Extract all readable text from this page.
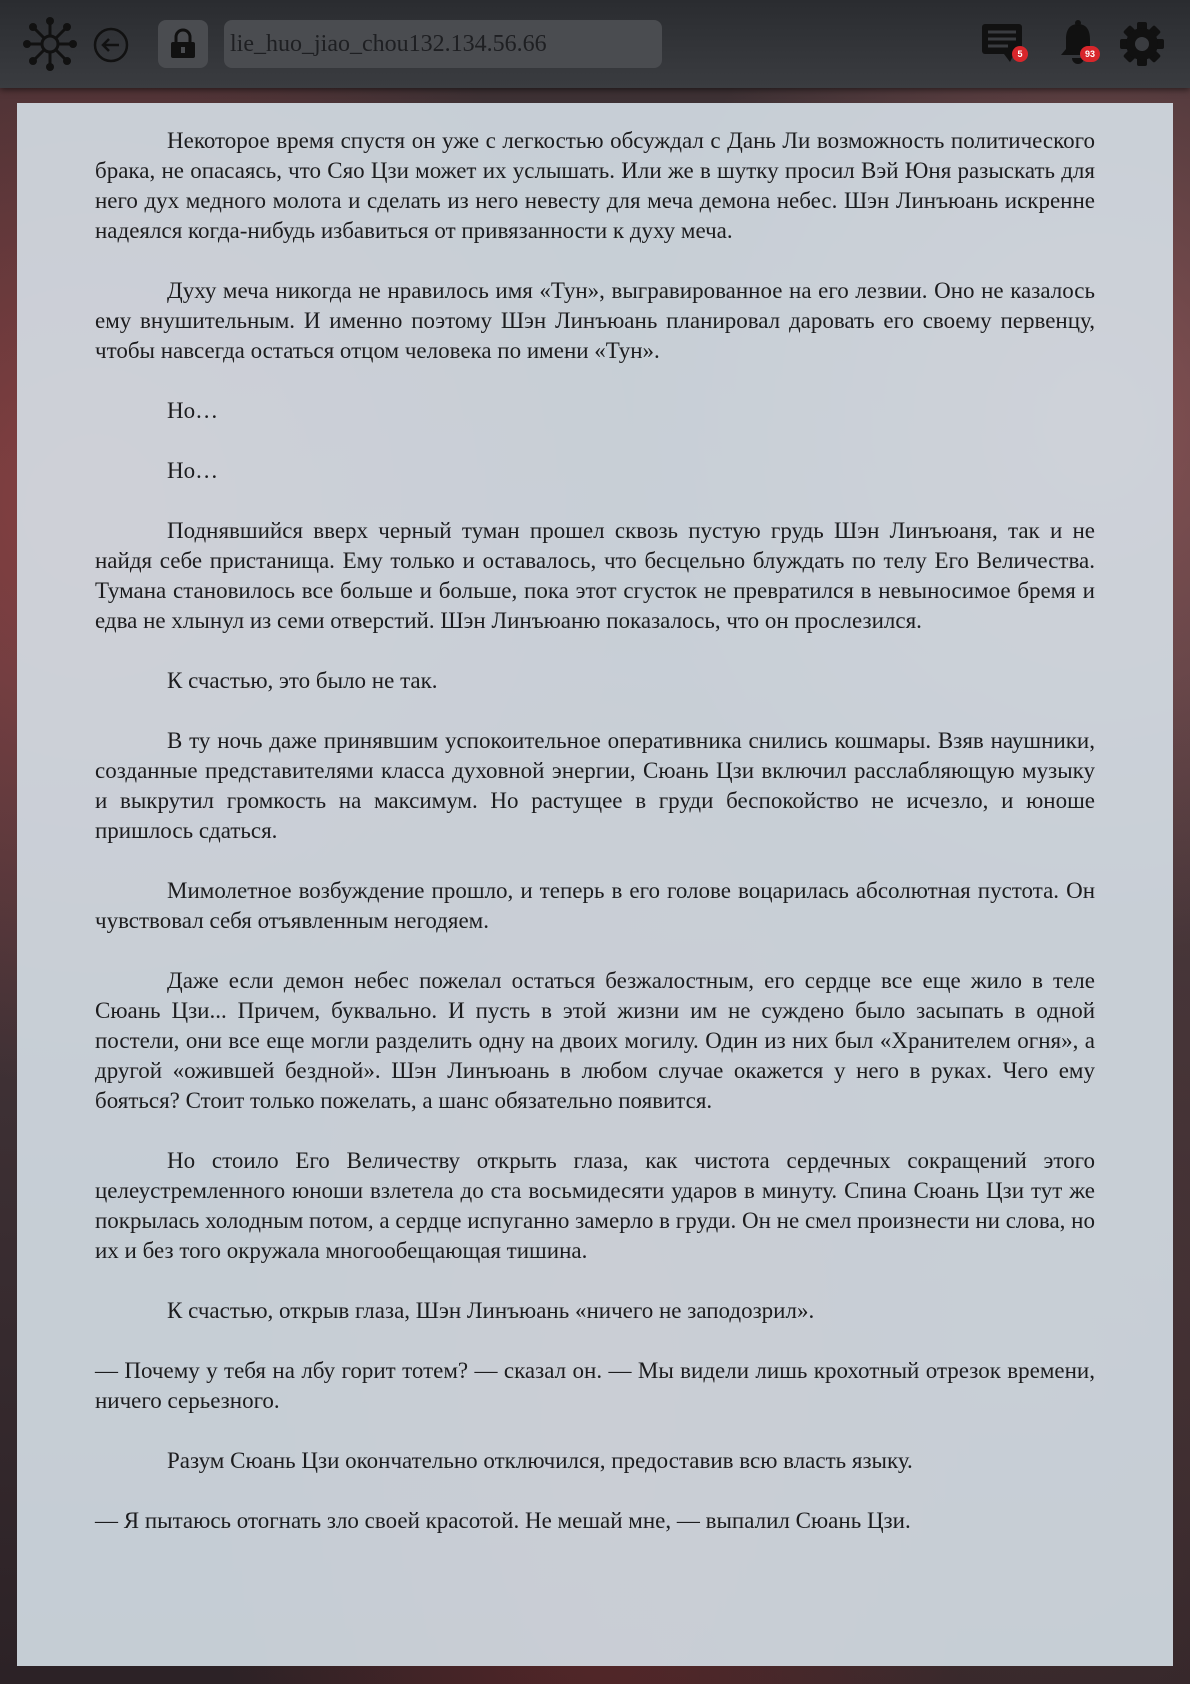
lie_huo_jiao_chou132.134.56.66	5	93

Некоторое время спустя он уже с легкостью обсуждал с Дань Ли возможность политического брака, не опасаясь, что Сяо Цзи может их услышать. Или же в шутку просил Вэй Юня разыскать для него дух медного молота и сделать из него невесту для меча демона небес. Шэн Линъюань искренне надеялся когда-нибудь избавиться от привязанности к духу меча.

Духу меча никогда не нравилось имя «Тун», выгравированное на его лезвии. Оно не казалось ему внушительным. И именно поэтому Шэн Линъюань планировал даровать его своему первенцу, чтобы навсегда остаться отцом человека по имени «Тун».

Но…

Но…

Поднявшийся вверх черный туман прошел сквозь пустую грудь Шэн Линъюаня, так и не найдя себе пристанища. Ему только и оставалось, что бесцельно блуждать по телу Его Величества. Тумана становилось все больше и больше, пока этот сгусток не превратился в невыносимое бремя и едва не хлынул из семи отверстий. Шэн Линъюаню показалось, что он прослезился.

К счастью, это было не так.

В ту ночь даже принявшим успокоительное оперативника снились кошмары. Взяв наушники, созданные представителями класса духовной энергии, Сюань Цзи включил расслабляющую музыку и выкрутил громкость на максимум. Но растущее в груди беспокойство не исчезло, и юноше пришлось сдаться.

Мимолетное возбуждение прошло, и теперь в его голове воцарилась абсолютная пустота. Он чувствовал себя отъявленным негодяем.

Даже если демон небес пожелал остаться безжалостным, его сердце все еще жило в теле Сюань Цзи... Причем, буквально. И пусть в этой жизни им не суждено было засыпать в одной постели, они все еще могли разделить одну на двоих могилу. Один из них был «Хранителем огня», а другой «ожившей бездной». Шэн Линъюань в любом случае окажется у него в руках. Чего ему бояться? Стоит только пожелать, а шанс обязательно появится.

Но стоило Его Величеству открыть глаза, как чистота сердечных сокращений этого целеустремленного юноши взлетела до ста восьмидесяти ударов в минуту. Спина Сюань Цзи тут же покрылась холодным потом, а сердце испуганно замерло в груди. Он не смел произнести ни слова, но их и без того окружала многообещающая тишина.

К счастью, открыв глаза, Шэн Линъюань «ничего не заподозрил».

— Почему у тебя на лбу горит тотем? — сказал он. — Мы видели лишь крохотный отрезок времени, ничего серьезного.

Разум Сюань Цзи окончательно отключился, предоставив всю власть языку.

— Я пытаюсь отогнать зло своей красотой. Не мешай мне, — выпалил Сюань Цзи.
